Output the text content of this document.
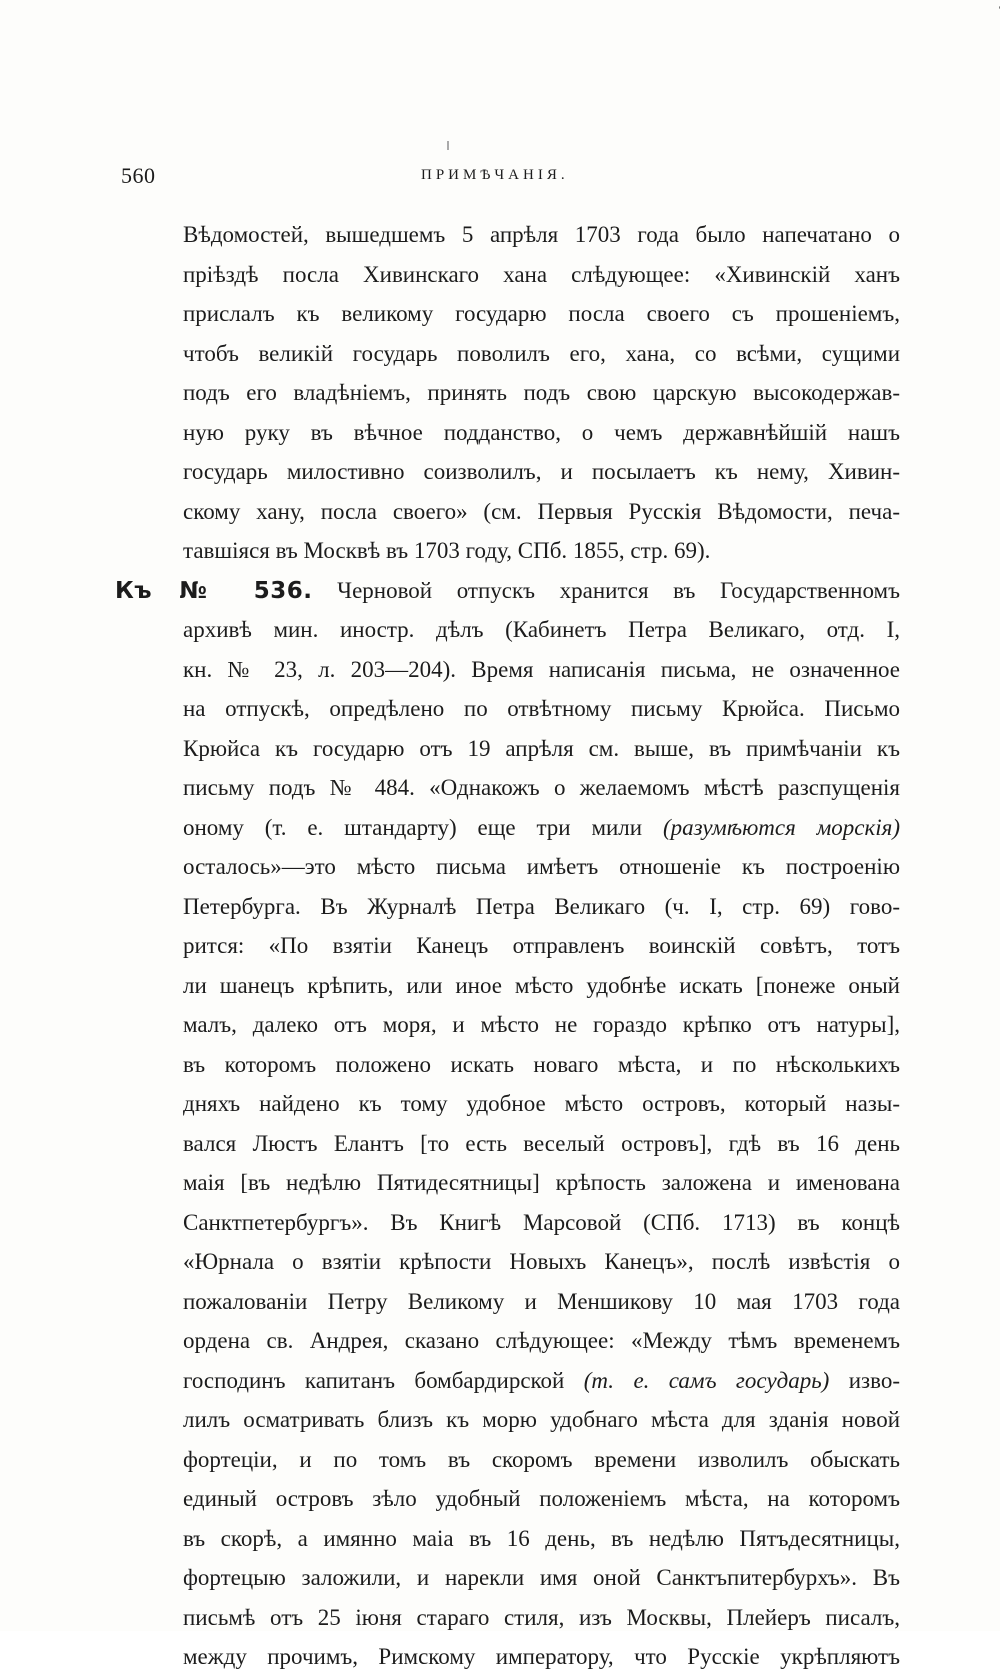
560	ПРИМѢЧАНІЯ.
Вѣдомостей, вышедшемъ 5 апрѣля 1703 года было напечатано о
пріѣздѣ посла Хивинскаго хана слѣдующее: «Хивинскій ханъ
прислалъ къ великому государю посла своего съ прошеніемъ,
чтобъ великій государь поволилъ его, хана, со всѣми, сущими
подъ его владѣніемъ, принять подъ свою царскую высокодержав-
ную руку въ вѣчное подданство, о чемъ державнѣйшій нашъ
государь милостивно соизволилъ, и посылаетъ къ нему, Хивин-
скому хану, посла своего» (см. Первыя Русскія Вѣдомости, печа-
тавшіяся въ Москвѣ въ 1703 году, СПб. 1855, стр. 69).
Къ № 536. Черновой отпускъ хранится въ Государственномъ
архивѣ мин. иностр. дѣлъ (Кабинетъ Петра Великаго, отд. I,
кн. № 23, л. 203—204). Время написанія письма, не означенное
на отпускѣ, опредѣлено по отвѣтному письму Крюйса. Письмо
Крюйса къ государю отъ 19 апрѣля см. выше, въ примѣчаніи къ
письму подъ № 484. «Однакожъ о желаемомъ мѣстѣ разспущенія
оному (т. е. штандарту) еще три мили (разумѣются морскія)
осталось»—это мѣсто письма имѣетъ отношеніе къ построенію
Петербурга. Въ Журналѣ Петра Великаго (ч. I, стр. 69) гово-
рится: «По взятіи Канецъ отправленъ воинскій совѣтъ, тотъ
ли шанецъ крѣпить, или иное мѣсто удобнѣе искать [понеже оный
малъ, далеко отъ моря, и мѣсто не гораздо крѣпко отъ натуры],
въ которомъ положено искать новаго мѣста, и по нѣсколькихъ
дняхъ найдено къ тому удобное мѣсто островъ, который назы-
вался Люстъ Елантъ [то есть веселый островъ], гдѣ въ 16 день
маія [въ недѣлю Пятидесятницы] крѣпость заложена и именована
Санктпетербургъ». Въ Книгѣ Марсовой (СПб. 1713) въ концѣ
«Юрнала о взятіи крѣпости Новыхъ Канецъ», послѣ извѣстія о
пожалованіи Петру Великому и Меншикову 10 мая 1703 года
ордена св. Андрея, сказано слѣдующее: «Между тѣмъ временемъ
господинъ капитанъ бомбардирской (т. е. самъ государь) изво-
лилъ осматривать близъ къ морю удобнаго мѣста для зданія новой
фортеціи, и по томъ въ скоромъ времени изволилъ обыскать
единый островъ зѣло удобный положеніемъ мѣста, на которомъ
въ скорѣ, а имянно маіа въ 16 день, въ недѣлю Пятъдесятницы,
фортецыю заложили, и нарекли имя оной Санктъпитербурхъ». Въ
письмѣ отъ 25 іюня стараго стиля, изъ Москвы, Плейеръ писалъ,
между прочимъ, Римскому императору, что Русскіе укрѣпляютъ
